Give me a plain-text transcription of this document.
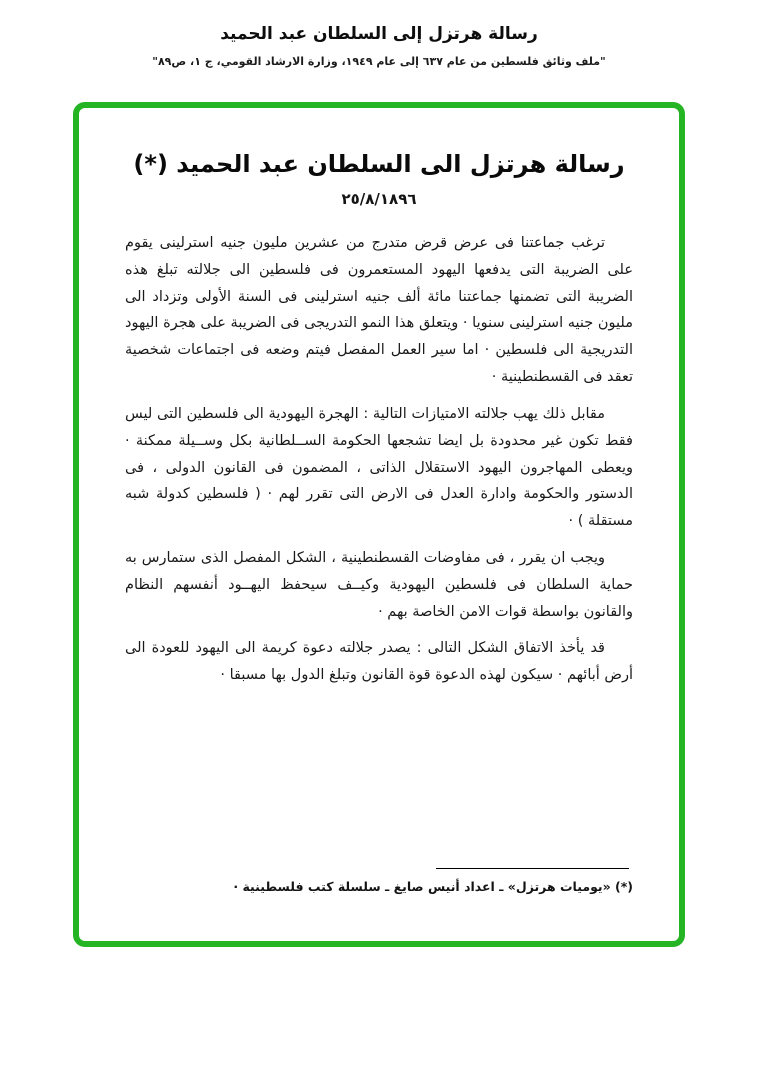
رسالة هرتزل إلى السلطان عبد الحميد
"ملف وثائق فلسطين من عام ٦٣٧ إلى عام ١٩٤٩، وزارة الارشاد القومي، ج ١، ص٨٩"
رسالة هرتزل الى السلطان عبد الحميد (*)
٢٥/٨/١٨٩٦

ترغب جماعتنا فى عرض قرض متدرج من عشرين مليون جنيه استرلينى يقوم على الضريبة التى يدفعها اليهود المستعمرون فى فلسطين الى جلالته تبلغ هذه الضريبة التى تضمنها جماعتنا مائة ألف جنيه استرلينى فى السنة الأولى وتزداد الى مليون جنيه استرلينى سنويا · ويتعلق هذا النمو التدريجى فى الضريبة على هجرة اليهود التدريجية الى فلسطين · اما سير العمل المفصل فيتم وضعه فى اجتماعات شخصية تعقد فى القسطنطينية ·

مقابل ذلك يهب جلالته الامتيازات التالية : الهجرة اليهودية الى فلسطين التى ليس فقط تكون غير محدودة بل ايضا تشجعها الحكومة الســلطانية بكل وســيلة ممكنة · ويعطى المهاجرون اليهود الاستقلال الذاتى ، المضمون فى القانون الدولى ، فى الدستور والحكومة وادارة العدل فى الارض التى تقرر لهم · ( فلسطين كدولة شبه مستقلة ) ·

ويجب ان يقرر ، فى مفاوضات القسطنطينية ، الشكل المفصل الذى ستمارس به حماية السلطان فى فلسطين اليهودية وكيــف سيحفظ اليهــود أنفسهم النظام والقانون بواسطة قوات الامن الخاصة بهم ·

قد يأخذ الاتفاق الشكل التالى : يصدر جلالته دعوة كريمة الى اليهود للعودة الى أرض أبائهم · سيكون لهذه الدعوة قوة القانون وتبلغ الدول بها مسبقا ·

(*) «يوميات هرتزل» ـ اعداد أنيس صايغ ـ سلسلة كتب فلسطينية ·
